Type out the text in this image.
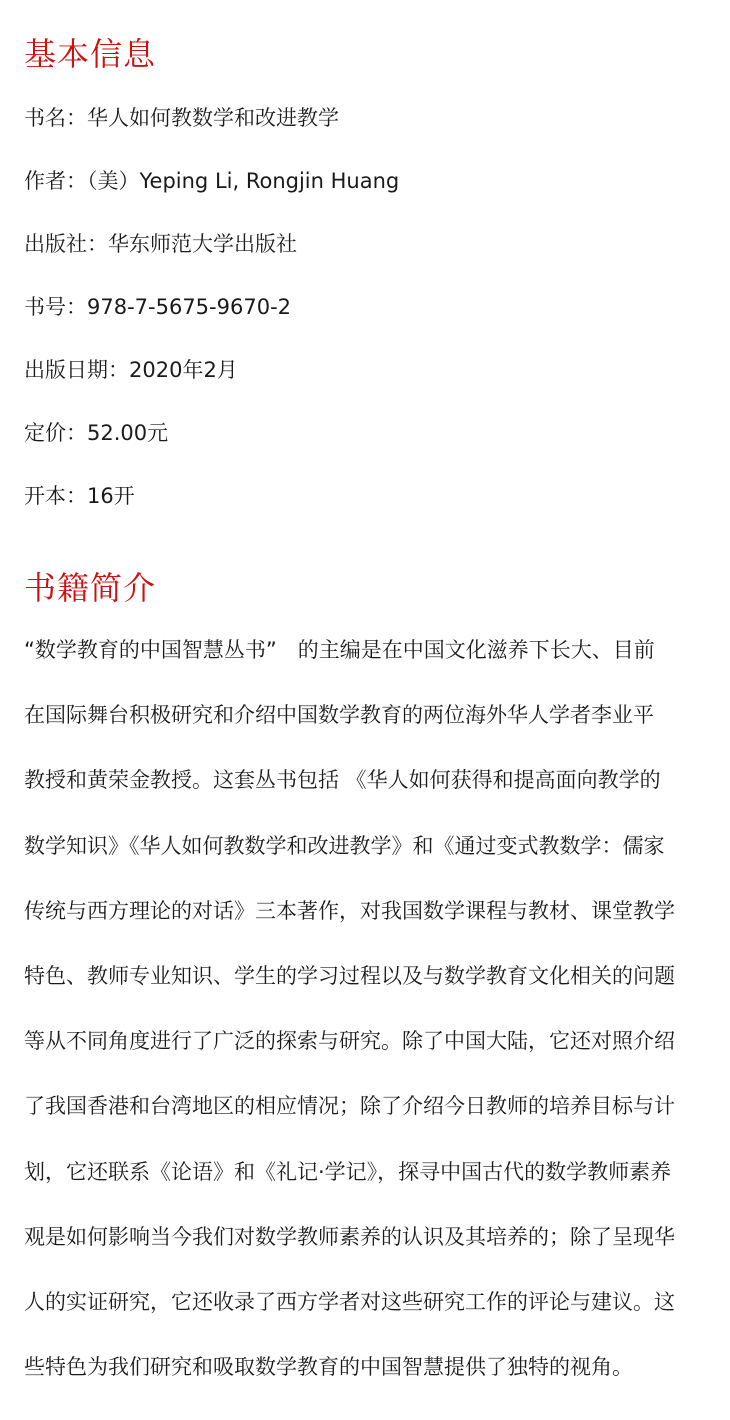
基本信息
书名：华人如何教数学和改进教学
作者：（美）Yeping Li, Rongjin Huang
出版社：华东师范大学出版社
书号：978-7-5675-9670-2
出版日期：2020年2月
定价：52.00元
开本：16开
书籍简介
“数学教育的中国智慧丛书”　的主编是在中国文化滋养下长大、目前
在国际舞台积极研究和介绍中国数学教育的两位海外华人学者李业平
教授和黄荣金教授。这套丛书包括 《华人如何获得和提高面向教学的
数学知识》《华人如何教数学和改进教学》和《通过变式教数学：儒家
传统与西方理论的对话》三本著作，对我国数学课程与教材、课堂教学
特色、教师专业知识、学生的学习过程以及与数学教育文化相关的问题
等从不同角度进行了广泛的探索与研究。除了中国大陆，它还对照介绍
了我国香港和台湾地区的相应情况；除了介绍今日教师的培养目标与计
划，它还联系《论语》和《礼记·学记》，探寻中国古代的数学教师素养
观是如何影响当今我们对数学教师素养的认识及其培养的；除了呈现华
人的实证研究，它还收录了西方学者对这些研究工作的评论与建议。这
些特色为我们研究和吸取数学教育的中国智慧提供了独特的视角。
